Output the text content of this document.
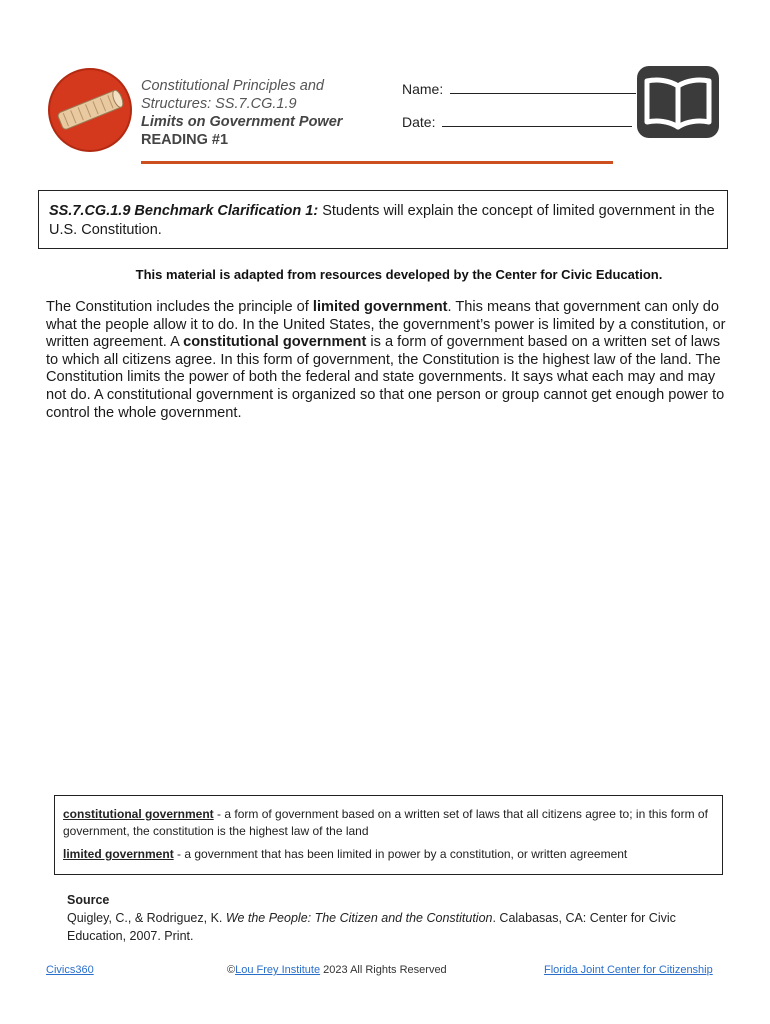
Constitutional Principles and
Structures: SS.7.CG.1.9
Limits on Government Power
READING #1
Name:
Date:
SS.7.CG.1.9 Benchmark Clarification 1: Students will explain the concept of limited government in the U.S. Constitution.
This material is adapted from resources developed by the Center for Civic Education.
The Constitution includes the principle of limited government. This means that government can only do what the people allow it to do. In the United States, the government’s power is limited by a constitution, or written agreement. A constitutional government is a form of government based on a written set of laws to which all citizens agree. In this form of government, the Constitution is the highest law of the land. The Constitution limits the power of both the federal and state governments. It says what each may and may not do. A constitutional government is organized so that one person or group cannot get enough power to control the whole government.
constitutional government - a form of government based on a written set of laws that all citizens agree to; in this form of government, the constitution is the highest law of the land
limited government - a government that has been limited in power by a constitution, or written agreement
Source
Quigley, C., & Rodriguez, K. We the People: The Citizen and the Constitution. Calabasas, CA: Center for Civic Education, 2007. Print.
Civics360	©Lou Frey Institute 2023 All Rights Reserved	Florida Joint Center for Citizenship
